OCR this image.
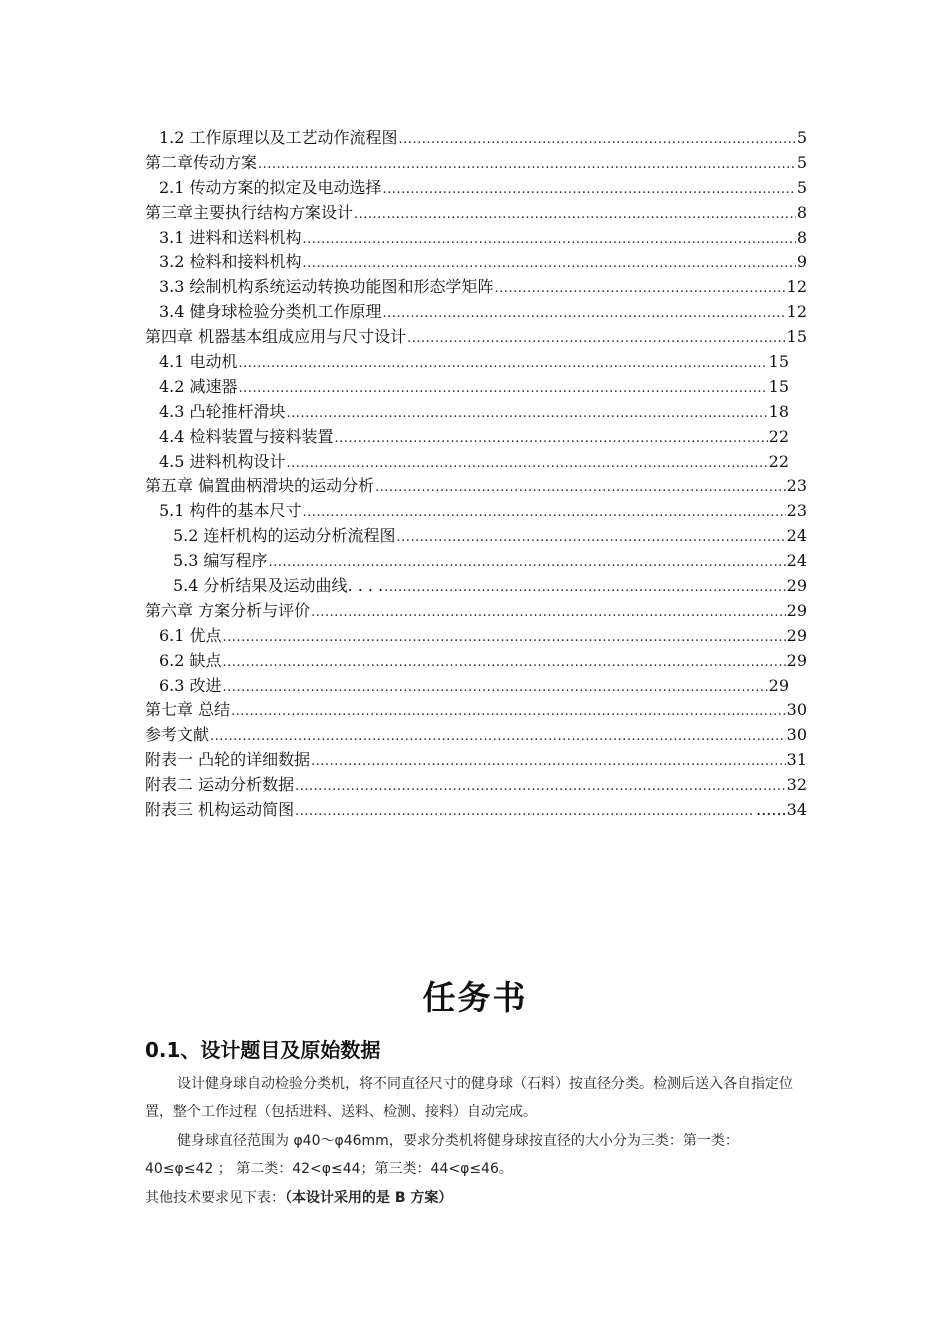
1.2 工作原理以及工艺动作流程图 .....	5
第二章传动方案 .....	5
2.1 传动方案的拟定及电动选择 .....	5
第三章主要执行结构方案设计 .....	8
3.1 进料和送料机构 .....	8
3.2 检料和接料机构 .....	9
3.3 绘制机构系统运动转换功能图和形态学矩阵 .....	12
3.4 健身球检验分类机工作原理 .....	12
第四章 机器基本组成应用与尺寸设计 .....	15
4.1 电动机 .....	15
4.2 减速器 .....	15
4.3 凸轮推杆滑块 .....	18
4.4 检料装置与接料装置 .....	22
4.5 进料机构设计 .....	22
第五章 偏置曲柄滑块的运动分析 .....	23
5.1 构件的基本尺寸 .....	23
5.2 连杆机构的运动分析流程图 .....	24
5.3 编写程序 .....	24
5.4 分析结果及运动曲线. . . . .....	29
第六章 方案分析与评价 .....	29
6.1 优点 .....	29
6.2 缺点 .....	29
6.3 改进 .....	29
第七章 总结 .....	30
参考文献 .....	30
附表一 凸轮的详细数据 .....	31
附表二 运动分析数据 .....	32
附表三 机构运动简图 .....	......34
任务书
0.1、设计题目及原始数据
设计健身球自动检验分类机，将不同直径尺寸的健身球（石料）按直径分类。检测后送入各自指定位置，整个工作过程（包括进料、送料、检测、接料）自动完成。
健身球直径范围为 φ40～φ46mm，要求分类机将健身球按直径的大小分为三类：第一类： 40≤φ≤42 ； 第二类：42<φ≤44；第三类：44<φ≤46。
其他技术要求见下表：（本设计采用的是 B 方案）
